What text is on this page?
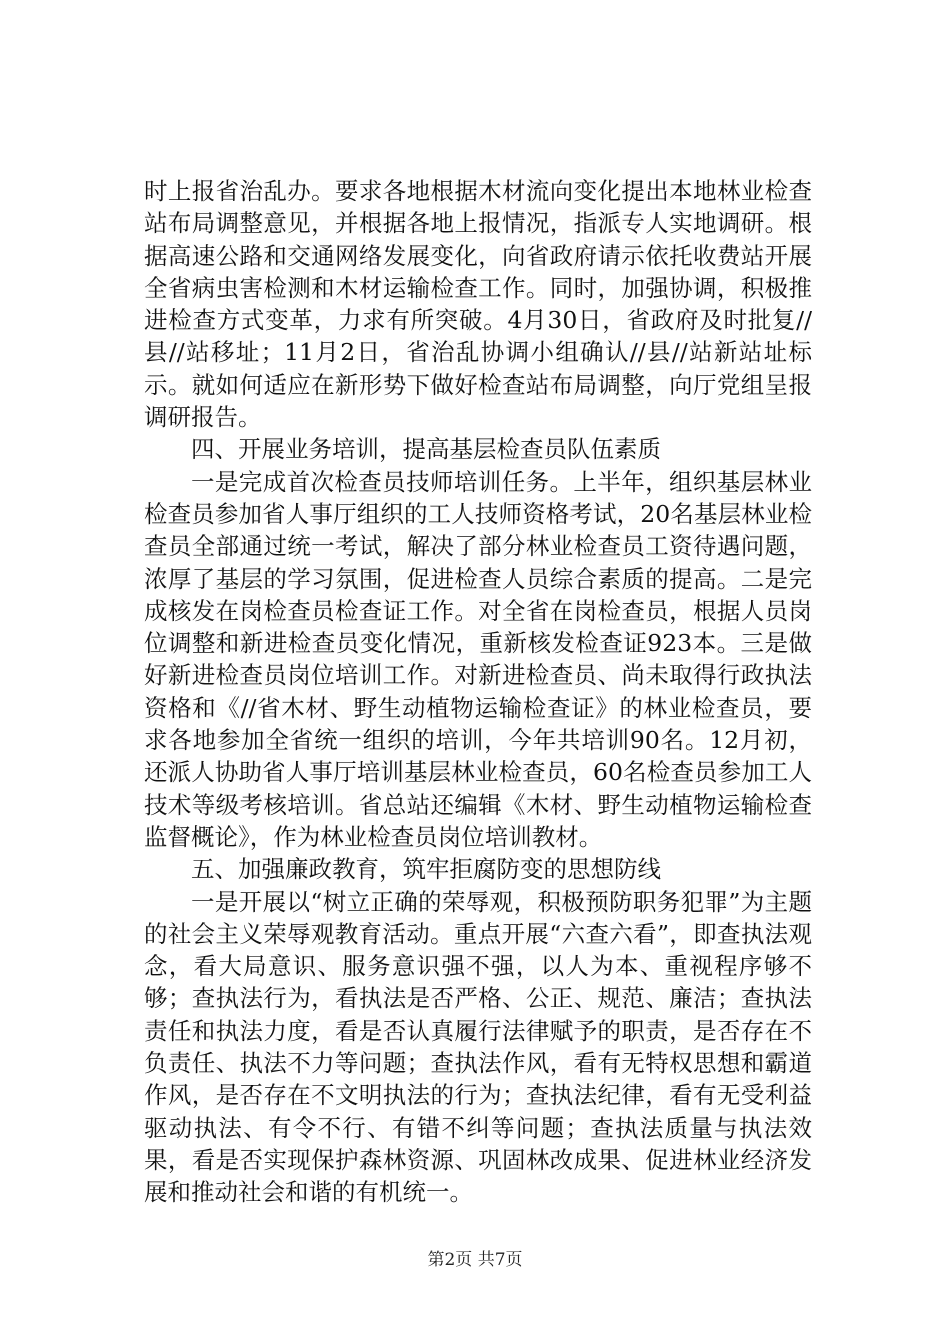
时上报省治乱办。要求各地根据木材流向变化提出本地林业检查站布局调整意见，并根据各地上报情况，指派专人实地调研。根据高速公路和交通网络发展变化，向省政府请示依托收费站开展全省病虫害检测和木材运输检查工作。同时，加强协调，积极推进检查方式变革，力求有所突破。4月30日，省政府及时批复//县//站移址；11月2日，省治乱协调小组确认//县//站新站址标示。就如何适应在新形势下做好检查站布局调整，向厅党组呈报调研报告。

四、开展业务培训，提高基层检查员队伍素质

一是完成首次检查员技师培训任务。上半年，组织基层林业检查员参加省人事厅组织的工人技师资格考试，20名基层林业检查员全部通过统一考试，解决了部分林业检查员工资待遇问题，浓厚了基层的学习氛围，促进检查人员综合素质的提高。二是完成核发在岗检查员检查证工作。对全省在岗检查员，根据人员岗位调整和新进检查员变化情况，重新核发检查证923本。三是做好新进检查员岗位培训工作。对新进检查员、尚未取得行政执法资格和《//省木材、野生动植物运输检查证》的林业检查员，要求各地参加全省统一组织的培训，今年共培训90名。12月初，还派人协助省人事厅培训基层林业检查员，60名检查员参加工人技术等级考核培训。省总站还编辑《木材、野生动植物运输检查监督概论》，作为林业检查员岗位培训教材。

五、加强廉政教育，筑牢拒腐防变的思想防线

一是开展以“树立正确的荣辱观，积极预防职务犯罪”为主题的社会主义荣辱观教育活动。重点开展“六查六看”，即查执法观念，看大局意识、服务意识强不强，以人为本、重视程序够不够；查执法行为，看执法是否严格、公正、规范、廉洁；查执法责任和执法力度，看是否认真履行法律赋予的职责，是否存在不负责任、执法不力等问题；查执法作风，看有无特权思想和霸道作风，是否存在不文明执法的行为；查执法纪律，看有无受利益驱动执法、有令不行、有错不纠等问题；查执法质量与执法效果，看是否实现保护森林资源、巩固林改成果、促进林业经济发展和推动社会和谐的有机统一。

第2页 共7页
